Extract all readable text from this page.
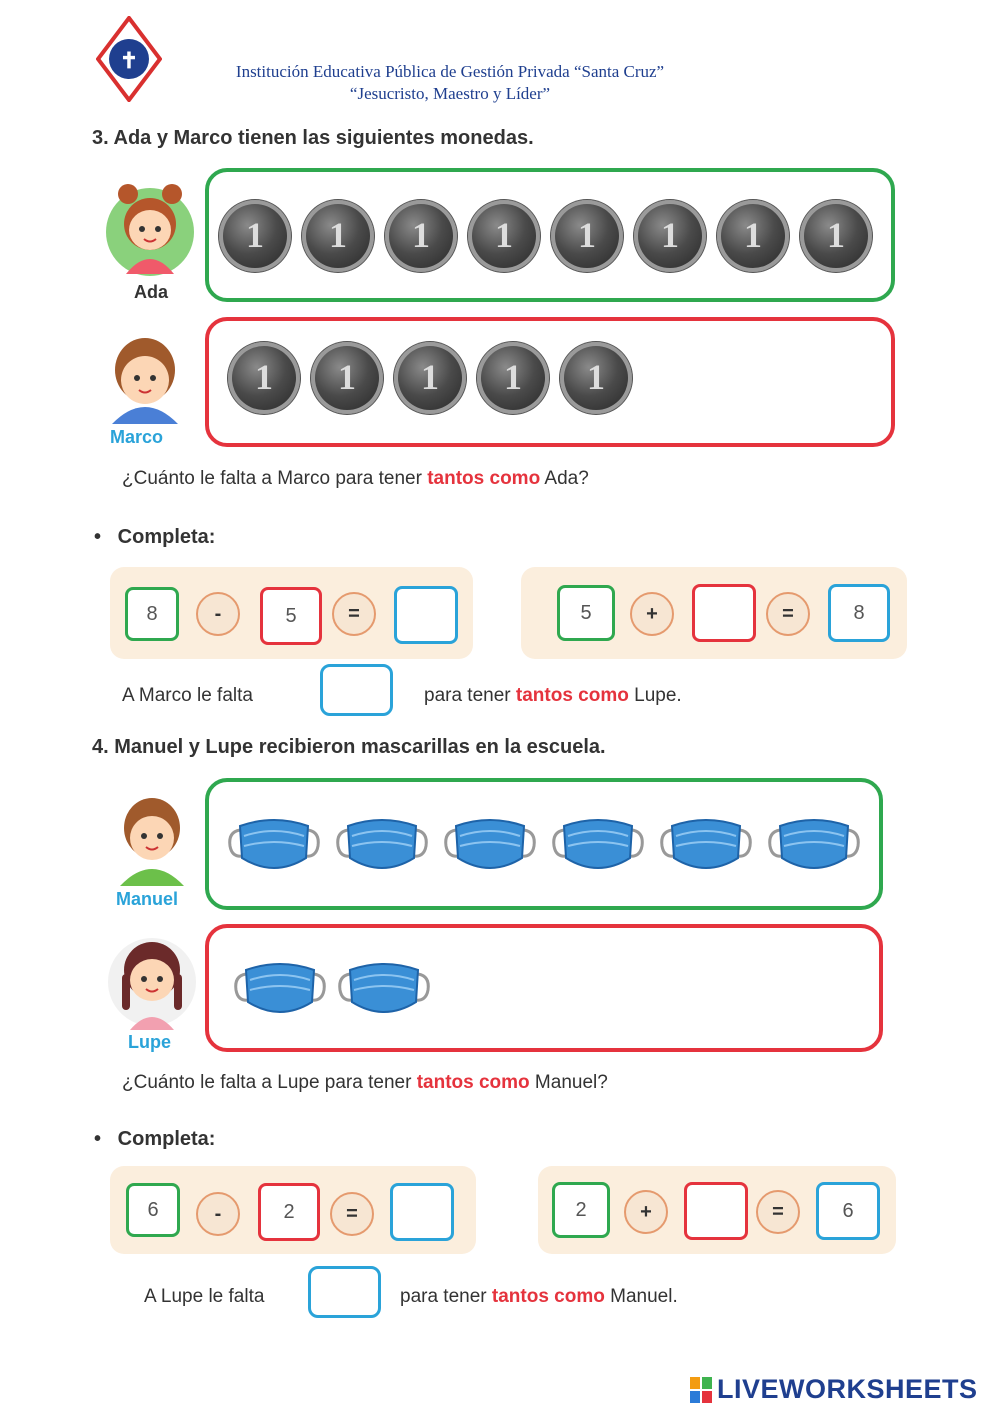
✝	Institución Educativa Pública de Gestión Privada “Santa Cruz”
“Jesucristo, Maestro y Líder”
3. Ada y Marco tienen las siguientes monedas.
Ada
1	1	1	1	1	1	1	1
Marco
1	1	1	1	1
¿Cuánto le falta a Marco para tener tantos como Ada?
•   Completa:
8	-	5	=	5	+	=	8
A Marco le falta	para tener tantos como Lupe.
4. Manuel y Lupe recibieron mascarillas en la escuela.
Manuel
Lupe
¿Cuánto le falta a Lupe para tener tantos como Manuel?
•   Completa:
6	-	2	=	2	+	=	6
A Lupe le falta	para tener tantos como Manuel.
LIVEWORKSHEETS
